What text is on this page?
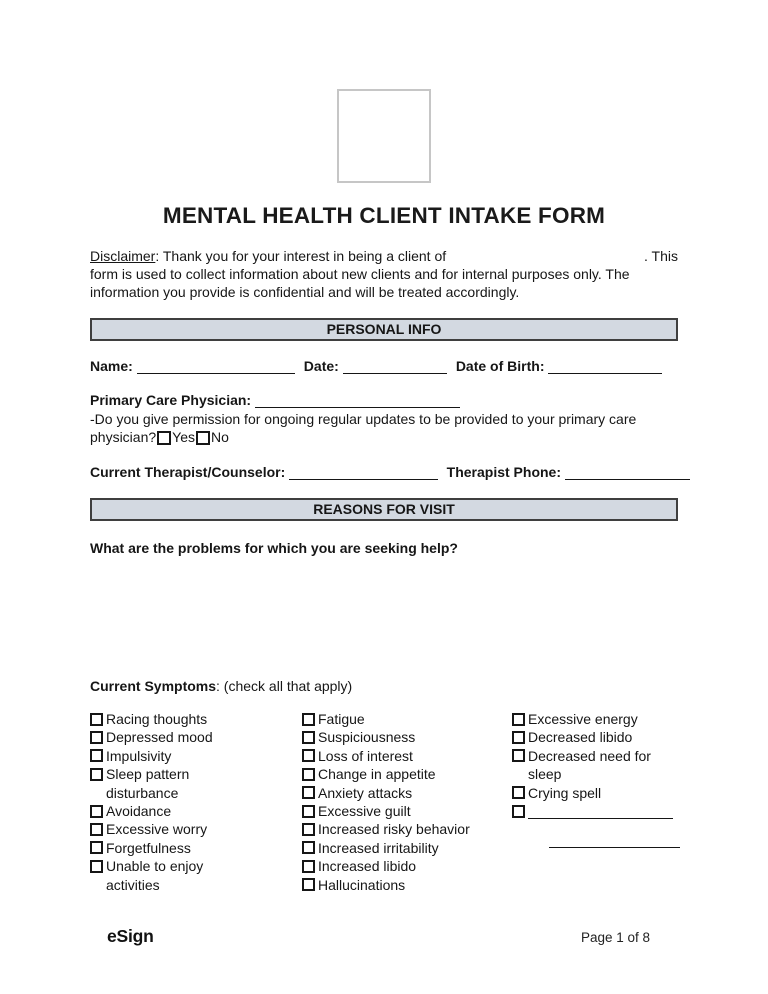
MENTAL HEALTH CLIENT INTAKE FORM
Disclaimer: Thank you for your interest in being a client of	. This
form is used to collect information about new clients and for internal purposes only. The
information you provide is confidential and will be treated accordingly.
PERSONAL INFO
Name:	Date:	Date of Birth:
Primary Care Physician:
-Do you give permission for ongoing regular updates to be provided to your primary care
physician? Yes No
Current Therapist/Counselor:	Therapist Phone:
REASONS FOR VISIT
What are the problems for which you are seeking help?
Current Symptoms: (check all that apply)
Racing thoughts
Depressed mood
Impulsivity
Sleep pattern disturbance
Avoidance
Excessive worry
Forgetfulness
Unable to enjoy activities
Fatigue
Suspiciousness
Loss of interest
Change in appetite
Anxiety attacks
Excessive guilt
Increased risky behavior
Increased irritability
Increased libido
Hallucinations
Excessive energy
Decreased libido
Decreased need for sleep
Crying spell
eSign	Page 1 of 8
